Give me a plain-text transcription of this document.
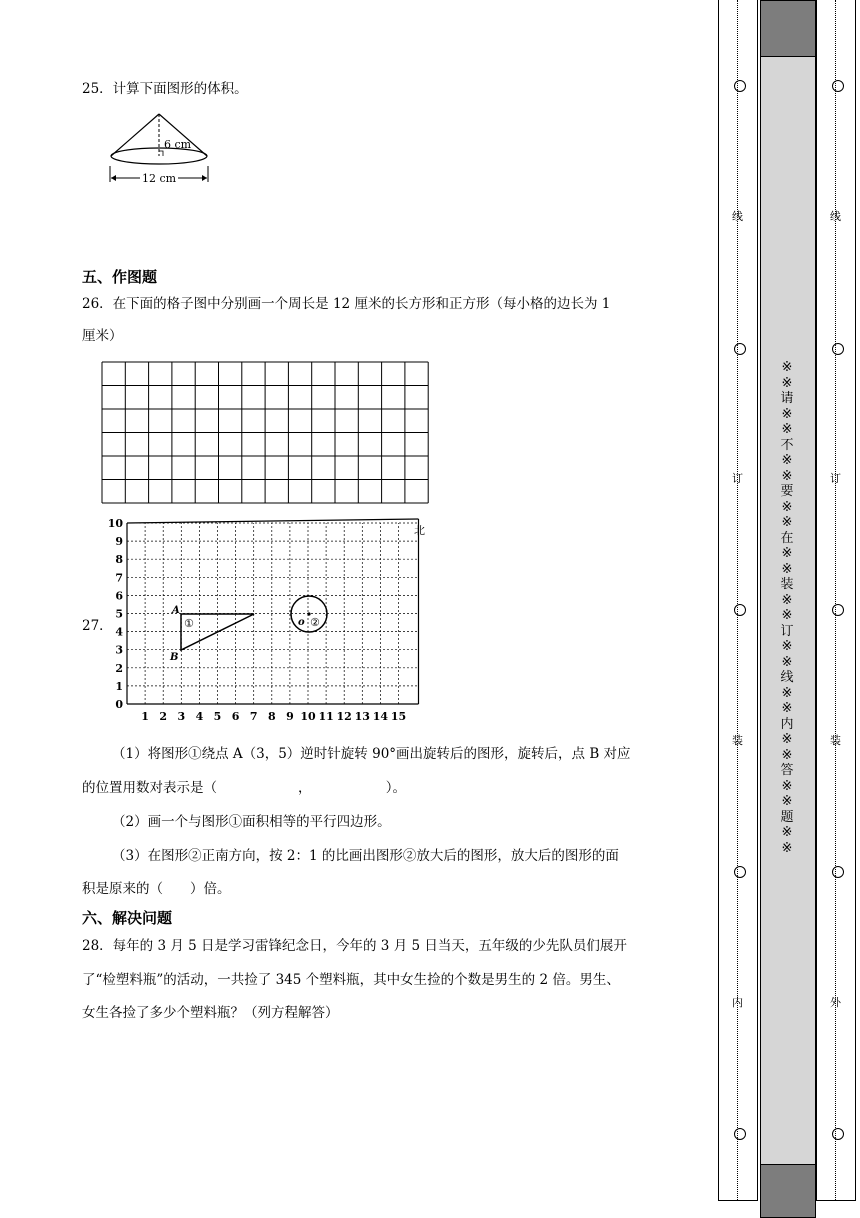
25．计算下面图形的体积。
6 cm
12 cm
五、作图题
26．在下面的格子图中分别画一个周长是 12 厘米的长方形和正方形（每小格的边长为 1
厘米）
27．
10
9
8
7
6
5
4
3
2
1
0
1 2 3 4 5 6 7 8 9 10 11 12 13 14 15
A
B
①	o ②
北
（1）将图形①绕点 A（3，5）逆时针旋转 90°画出旋转后的图形，旋转后，点 B 对应
的位置用数对表示是（　　　　　　，　　　　　　）。
（2）画一个与图形①面积相等的平行四边形。
（3）在图形②正南方向，按 2：1 的比画出图形②放大后的图形，放大后的图形的面
积是原来的（　　）倍。
六、解决问题
28．每年的 3 月 5 日是学习雷锋纪念日，今年的 3 月 5 日当天，五年级的少先队员们展开
了“检塑料瓶”的活动，一共捡了 345 个塑料瓶，其中女生捡的个数是男生的 2 倍。男生、
女生各捡了多少个塑料瓶？（列方程解答）
线
订
装
内
线
订
装
外
※※请※※不※※要※※在※※装※※订※※线※※内※※答※※题※※
